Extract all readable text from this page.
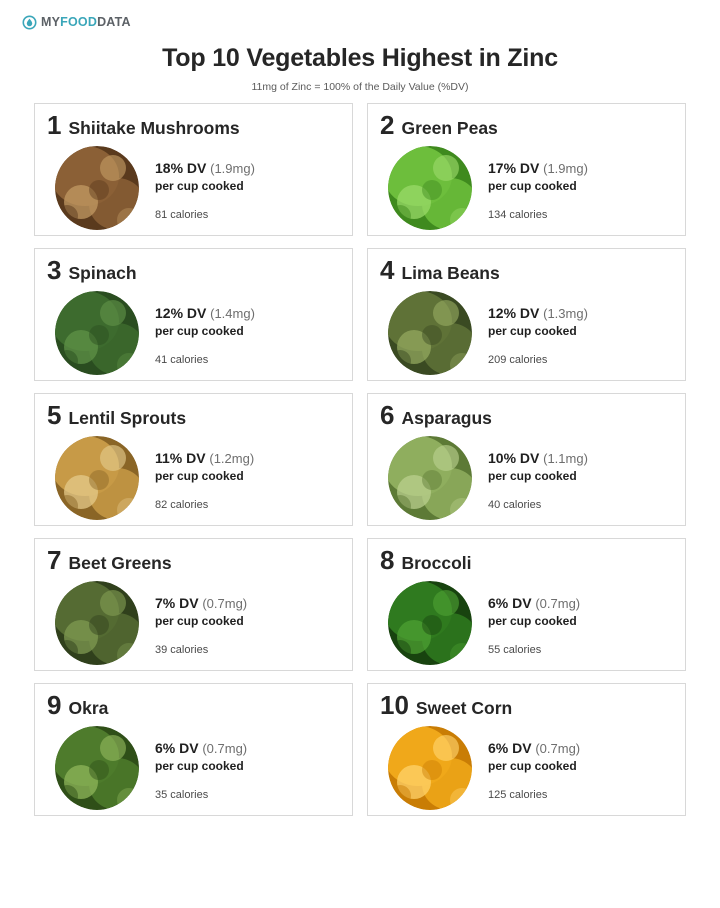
MYFOODDATA
Top 10 Vegetables Highest in Zinc
11mg of Zinc = 100% of the Daily Value (%DV)
1 Shiitake Mushrooms
18% DV (1.9mg)
per cup cooked
81 calories
2 Green Peas
17% DV (1.9mg)
per cup cooked
134 calories
3 Spinach
12% DV (1.4mg)
per cup cooked
41 calories
4 Lima Beans
12% DV (1.3mg)
per cup cooked
209 calories
5 Lentil Sprouts
11% DV (1.2mg)
per cup cooked
82 calories
6 Asparagus
10% DV (1.1mg)
per cup cooked
40 calories
7 Beet Greens
7% DV (0.7mg)
per cup cooked
39 calories
8 Broccoli
6% DV (0.7mg)
per cup cooked
55 calories
9 Okra
6% DV (0.7mg)
per cup cooked
35 calories
10 Sweet Corn
6% DV (0.7mg)
per cup cooked
125 calories
